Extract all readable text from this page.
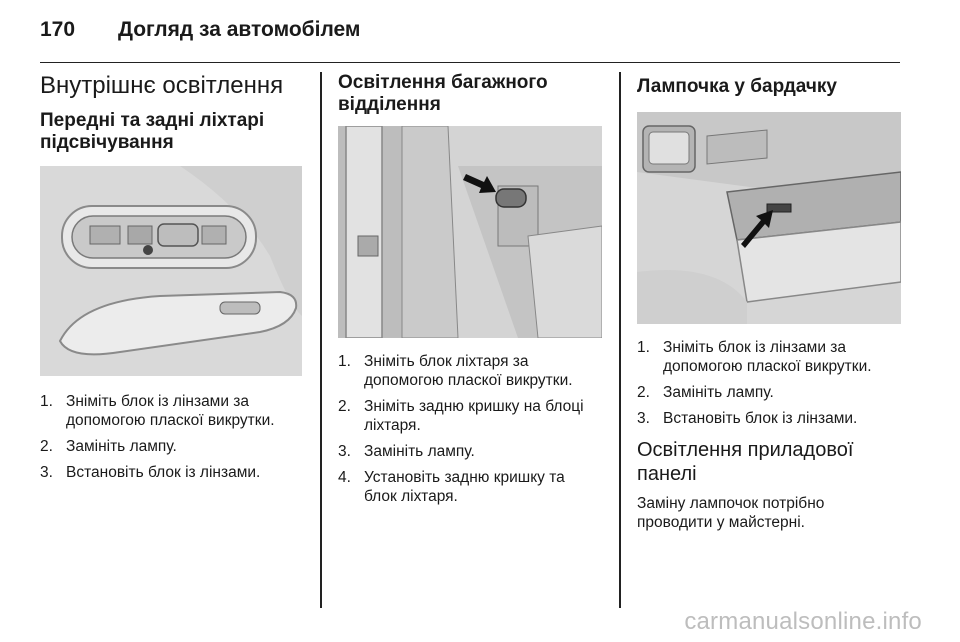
170 Догляд за автомобілем
Внутрішнє освітлення
Передні та задні ліхтарі
підсвічування
1. Зніміть блок із лінзами за
допомогою пласкої викрутки.
2. Замініть лампу.
3. Встановіть блок із лінзами.
Освітлення багажного
відділення
1. Зніміть блок ліхтаря за
допомогою пласкої викрутки.
2. Зніміть задню кришку на блоці
ліхтаря.
3. Замініть лампу.
4. Установіть задню кришку та
блок ліхтаря.
Лампочка у бардачку
1. Зніміть блок із лінзами за
допомогою пласкої викрутки.
2. Замініть лампу.
3. Встановіть блок із лінзами.
Освітлення приладової
панелі

Заміну лампочок потрібно
проводити у майстерні.

carmanualsonline.info
